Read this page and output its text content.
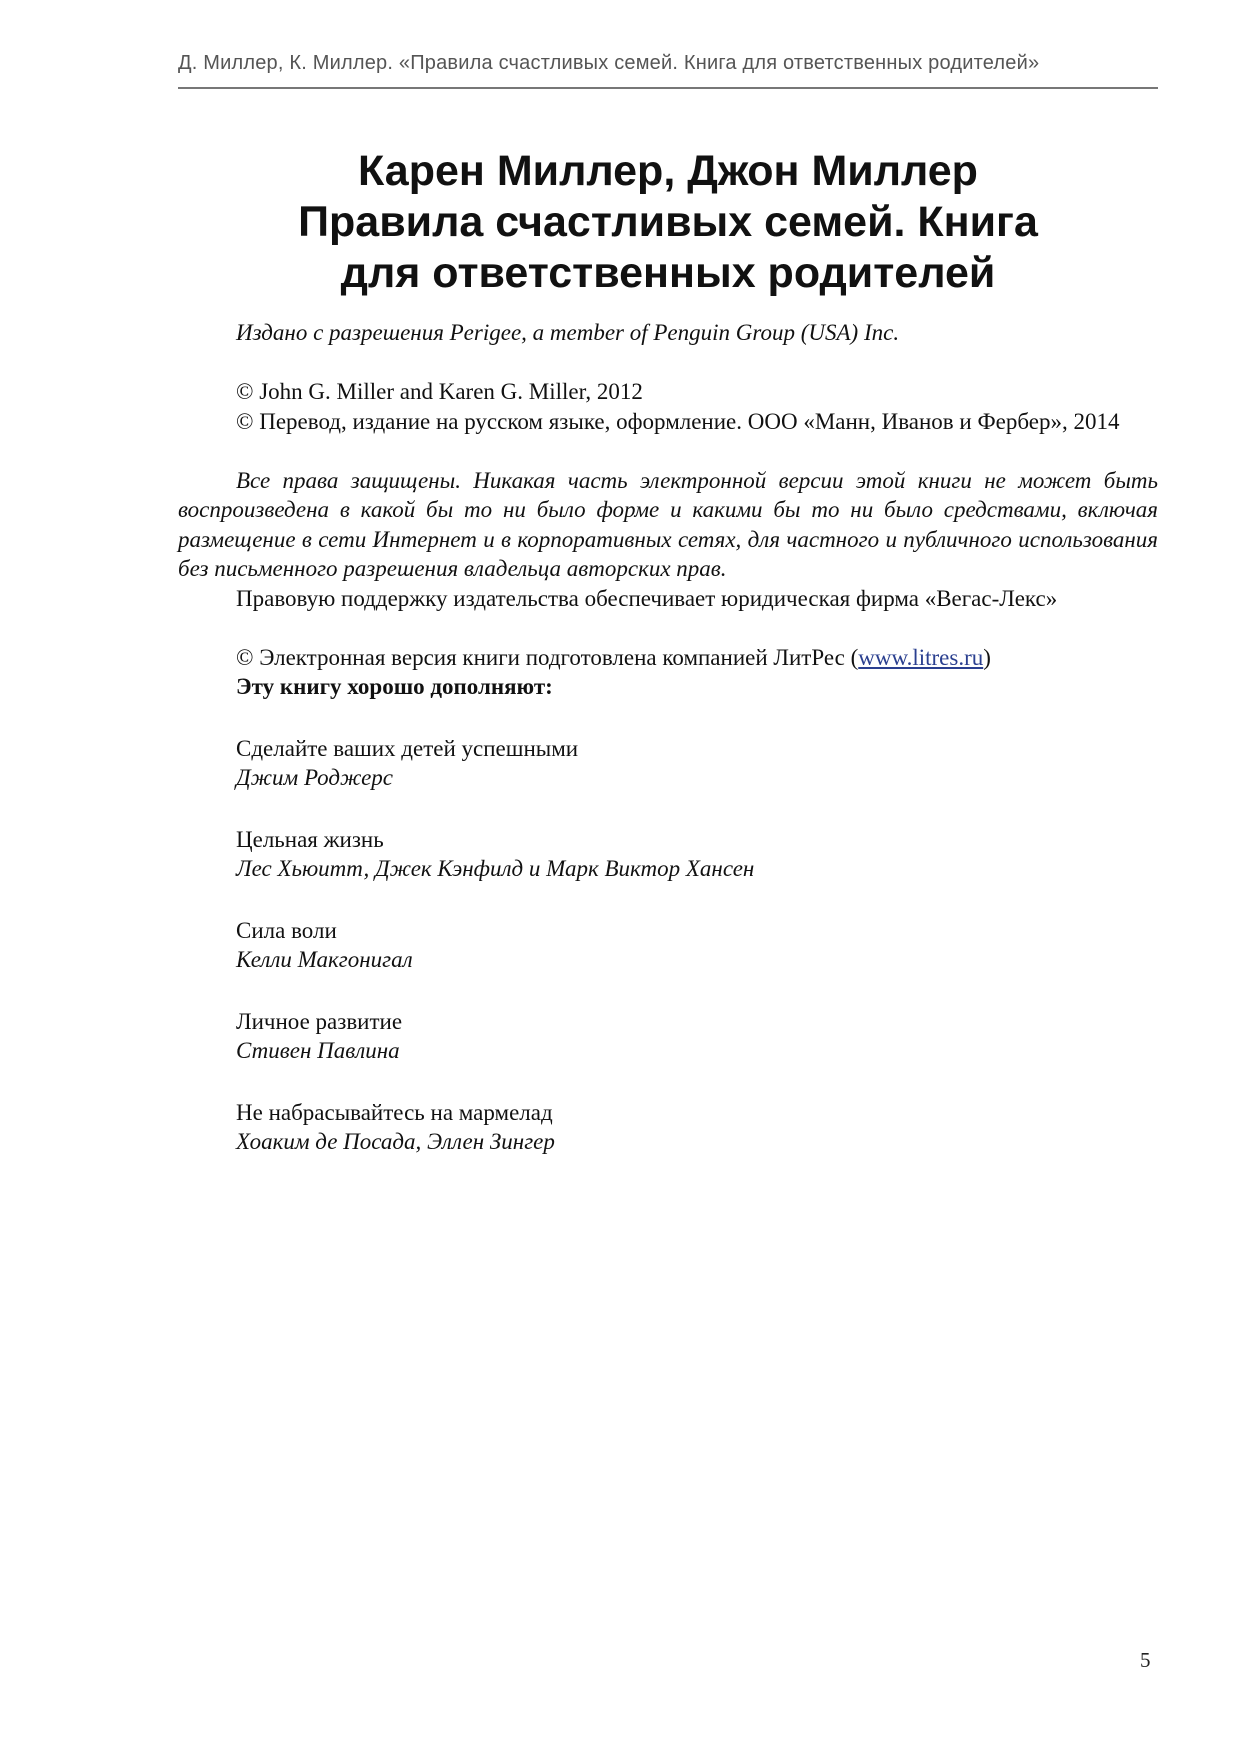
Д. Миллер, К. Миллер. «Правила счастливых семей. Книга для ответственных родителей»
Карен Миллер, Джон Миллер
Правила счастливых семей. Книга
для ответственных родителей

Издано с разрешения Perigee, a member of Penguin Group (USA) Inc.

© John G. Miller and Karen G. Miller, 2012

© Перевод, издание на русском языке, оформление. ООО «Манн, Иванов и Фербер», 2014

Все права защищены. Никакая часть электронной версии этой книги не может быть воспроизведена в какой бы то ни было форме и какими бы то ни было средствами, включая размещение в сети Интернет и в корпоративных сетях, для частного и публичного использования без письменного разрешения владельца авторских прав.

Правовую поддержку издательства обеспечивает юридическая фирма «Вегас-Лекс»

© Электронная версия книги подготовлена компанией ЛитРес (www.litres.ru)

Эту книгу хорошо дополняют:

Сделайте ваших детей успешными

Джим Роджерс

Цельная жизнь

Лес Хьюитт, Джек Кэнфилд и Марк Виктор Хансен

Сила воли

Келли Макгонигал

Личное развитие

Стивен Павлина

Не набрасывайтесь на мармелад

Хоаким де Посада, Эллен Зингер

5
